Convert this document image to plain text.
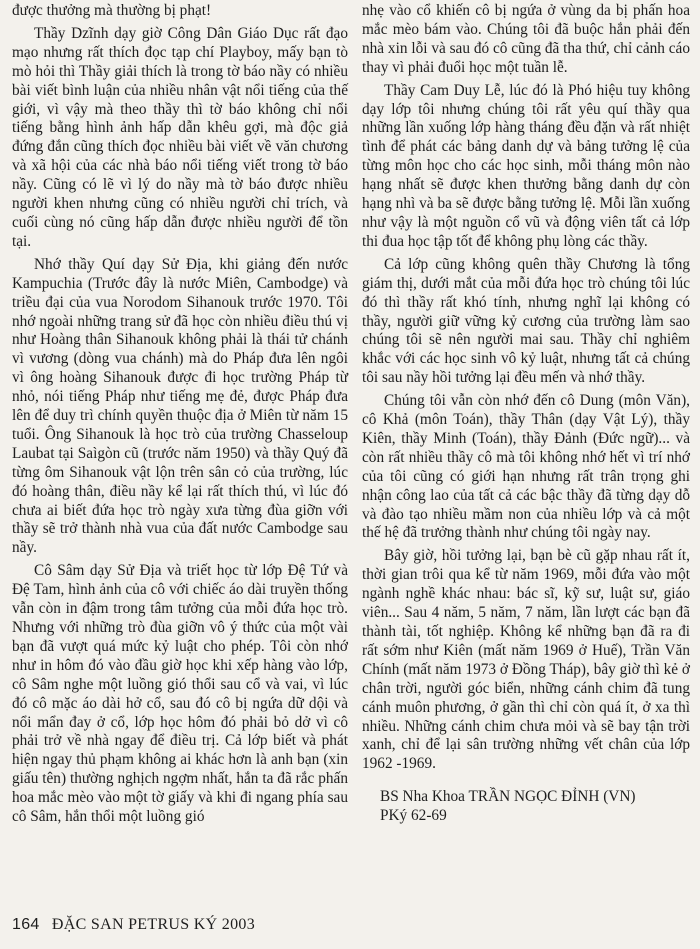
được thưởng mà thường bị phạt!

Thầy Dzĩnh dạy giờ Công Dân Giáo Dục rất đạo mạo nhưng rất thích đọc tạp chí Playboy, mấy bạn tò mò hỏi thì Thầy giải thích là trong tờ báo nầy có nhiều bài viết bình luận của nhiều nhân vật nổi tiếng của thế giới, vì vậy mà theo thầy thì tờ báo không chỉ nổi tiếng bằng hình ảnh hấp dẫn khêu gợi, mà độc giả đứng đắn cũng thích đọc nhiều bài viết về văn chương và xã hội của các nhà báo nổi tiếng viết trong tờ báo nầy. Cũng có lẽ vì lý do nầy mà tờ báo được nhiều người khen nhưng cũng có nhiều người chỉ trích, và cuối cùng nó cũng hấp dẫn được nhiều người để tồn tại.

Nhớ thầy Quí dạy Sử Địa, khi giảng đến nước Kampuchia (Trước đây là nước Miên, Cambodge) và triều đại của vua Norodom Sihanouk trước 1970. Tôi nhớ ngoài những trang sử đã học còn nhiều điều thú vị như Hoàng thân Sihanouk không phải là thái tử chánh vì vương (dòng vua chánh) mà do Pháp đưa lên ngôi vì ông hoàng Sihanouk được đi học trường Pháp từ nhỏ, nói tiếng Pháp như tiếng mẹ đẻ, được Pháp đưa lên để duy trì chính quyền thuộc địa ở Miên từ năm 15 tuổi. Ông Sihanouk là học trò của trường Chasseloup Laubat tại Saìgòn cũ (trước năm 1950) và thầy Quý đã từng ôm Sihanouk vật lộn trên sân cỏ của trường, lúc đó hoàng thân, điều nầy kể lại rất thích thú, vì lúc đó chưa ai biết đứa học trò ngày xưa từng đùa giỡn với thầy sẽ trở thành nhà vua của đất nước Cambodge sau nầy.

Cô Sâm dạy Sử Địa và triết học từ lớp Đệ Tứ và Đệ Tam, hình ảnh của cô với chiếc áo dài truyền thống vẫn còn in đậm trong tâm tưởng của mỗi đứa học trò. Nhưng với những trò đùa giỡn vô ý thức của một vài bạn đã vượt quá mức kỷ luật cho phép. Tôi còn nhớ như in hôm đó vào đầu giờ học khi xếp hàng vào lớp, cô Sâm nghe một luồng gió thổi sau cổ và vai, vì lúc đó cô mặc áo dài hở cổ, sau đó cô bị ngứa dữ dội và nổi mẩn đay ở cổ, lớp học hôm đó phải bỏ dở vì cô phải trở về nhà ngay để điều trị. Cả lớp biết và phát hiện ngay thủ phạm không ai khác hơn là anh bạn (xin giấu tên) thường nghịch ngợm nhất, hắn ta đã rắc phấn hoa mắc mèo vào một tờ giấy và khi đi ngang phía sau cô Sâm, hắn thổi một luồng gió

nhẹ vào cổ khiến cô bị ngứa ở vùng da bị phấn hoa mắc mèo bám vào. Chúng tôi đã buộc hắn phải đến nhà xin lỗi và sau đó cô cũng đã tha thứ, chỉ cảnh cáo thay vì phải đuổi học một tuần lễ.

Thầy Cam Duy Lễ, lúc đó là Phó hiệu tuy không dạy lớp tôi nhưng chúng tôi rất yêu quí thầy qua những lần xuống lớp hàng tháng đều đặn và rất nhiệt tình để phát các bảng danh dự và bảng tưởng lệ của từng môn học cho các học sinh, mỗi tháng môn nào hạng nhất sẽ được khen thưởng bằng danh dự còn hạng nhì và ba sẽ được bằng tưởng lệ. Mỗi lần xuống như vậy là một nguồn cổ vũ và động viên tất cả lớp thi đua học tập tốt để không phụ lòng các thầy.

Cả lớp cũng không quên thầy Chương là tổng giám thị, dưới mắt của mỗi đứa học trò chúng tôi lúc đó thì thầy rất khó tính, nhưng nghĩ lại không có thầy, người giữ vững kỷ cương của trường làm sao chúng tôi sẽ nên người mai sau. Thầy chỉ nghiêm khắc với các học sinh vô kỷ luật, nhưng tất cả chúng tôi sau nầy hồi tưởng lại đều mến và nhớ thầy.

Chúng tôi vẫn còn nhớ đến cô Dung (môn Văn), cô Khả (môn Toán), thầy Thân (dạy Vật Lý), thầy Kiên, thầy Minh (Toán), thầy Đảnh (Đức ngữ)... và còn rất nhiều thầy cô mà tôi không nhớ hết vì trí nhớ của tôi cũng có giới hạn nhưng rất trân trọng ghi nhận công lao của tất cả các bậc thầy đã từng dạy dỗ và đào tạo nhiều mầm non của nhiều lớp và cả một thế hệ đã trưởng thành như chúng tôi ngày nay.

Bây giờ, hồi tưởng lại, bạn bè cũ gặp nhau rất ít, thời gian trôi qua kể từ năm 1969, mỗi đứa vào một ngành nghề khác nhau: bác sĩ, kỹ sư, luật sư, giáo viên... Sau 4 năm, 5 năm, 7 năm, lần lượt các bạn đã thành tài, tốt nghiệp. Không kể những bạn đã ra đi rất sớm như Kiên (mất năm 1969 ở Huế), Trần Văn Chính (mất năm 1973 ở Đồng Tháp), bây giờ thì kẻ ở chân trời, người góc biển, những cánh chim đã tung cánh muôn phương, ở gần thì chỉ còn quá ít, ở xa thì nhiều. Những cánh chim chưa mỏi và sẽ bay tận trời xanh, chỉ để lại sân trường những vết chân của lớp 1962 -1969.

BS Nha Khoa TRẦN NGỌC ĐỈNH (VN)
PKý 62-69

164 ĐẶC SAN PETRUS KÝ 2003
